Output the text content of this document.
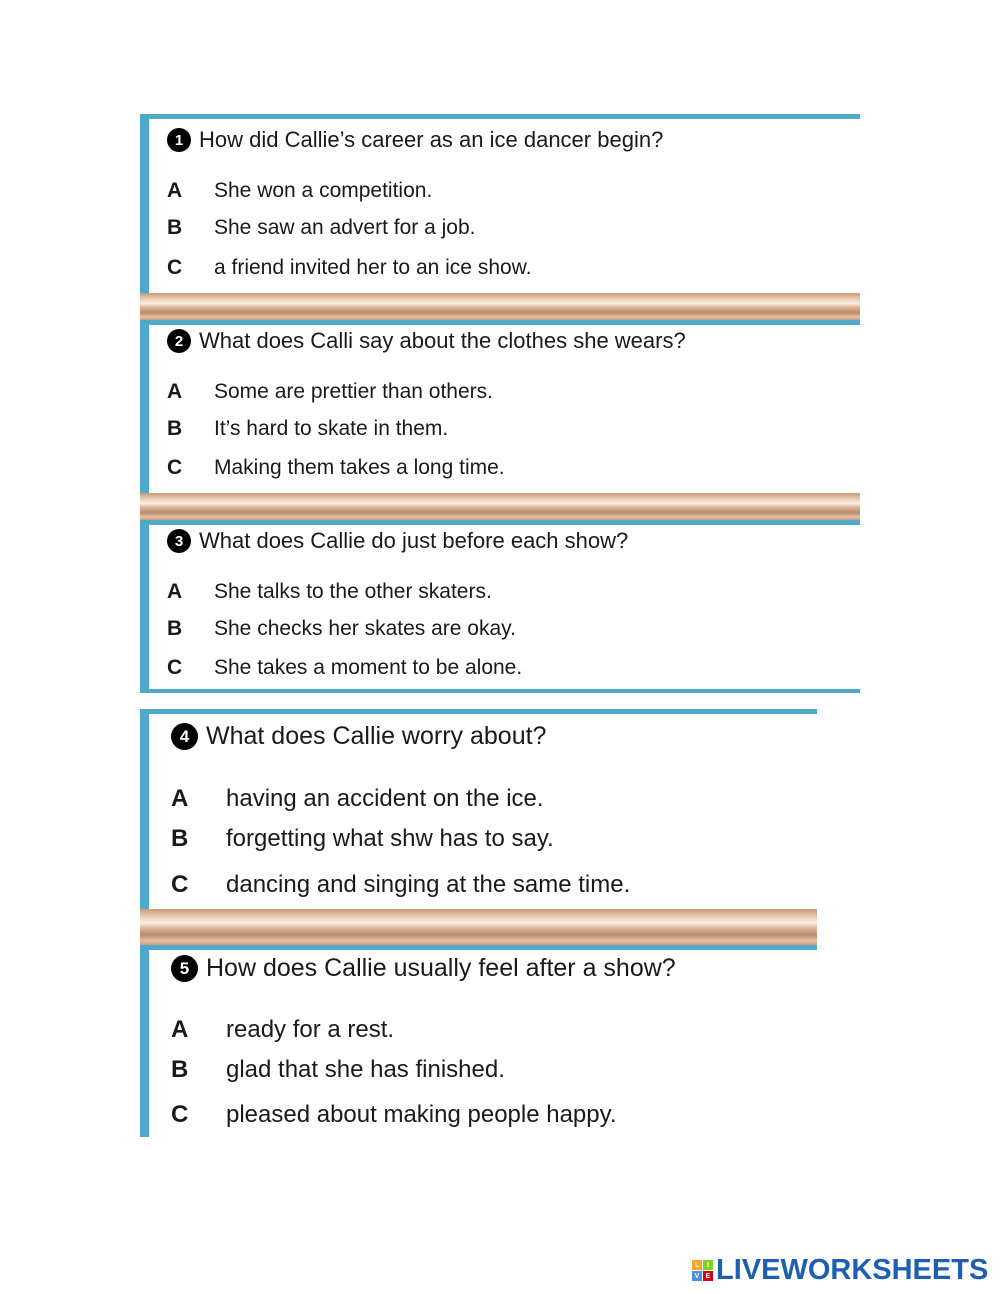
1 How did Callie’s career as an ice dancer begin?
A She won a competition.
B She saw an advert for a job.
C a friend invited her to an ice show.
2 What does Calli say about the clothes she wears?
A Some are prettier than others.
B It’s hard to skate in them.
C Making them takes a long time.
3 What does Callie do just before each show?
A She talks to the other skaters.
B She checks her skates are okay.
C She takes a moment to be alone.
4 What does Callie worry about?
A having an accident on the ice.
B forgetting what shw has to say.
C dancing and singing at the same time.
5 How does Callie usually feel after a show?
A ready for a rest.
B glad that she has finished.
C pleased about making people happy.
L	I
V E LIVEWORKSHEETS
